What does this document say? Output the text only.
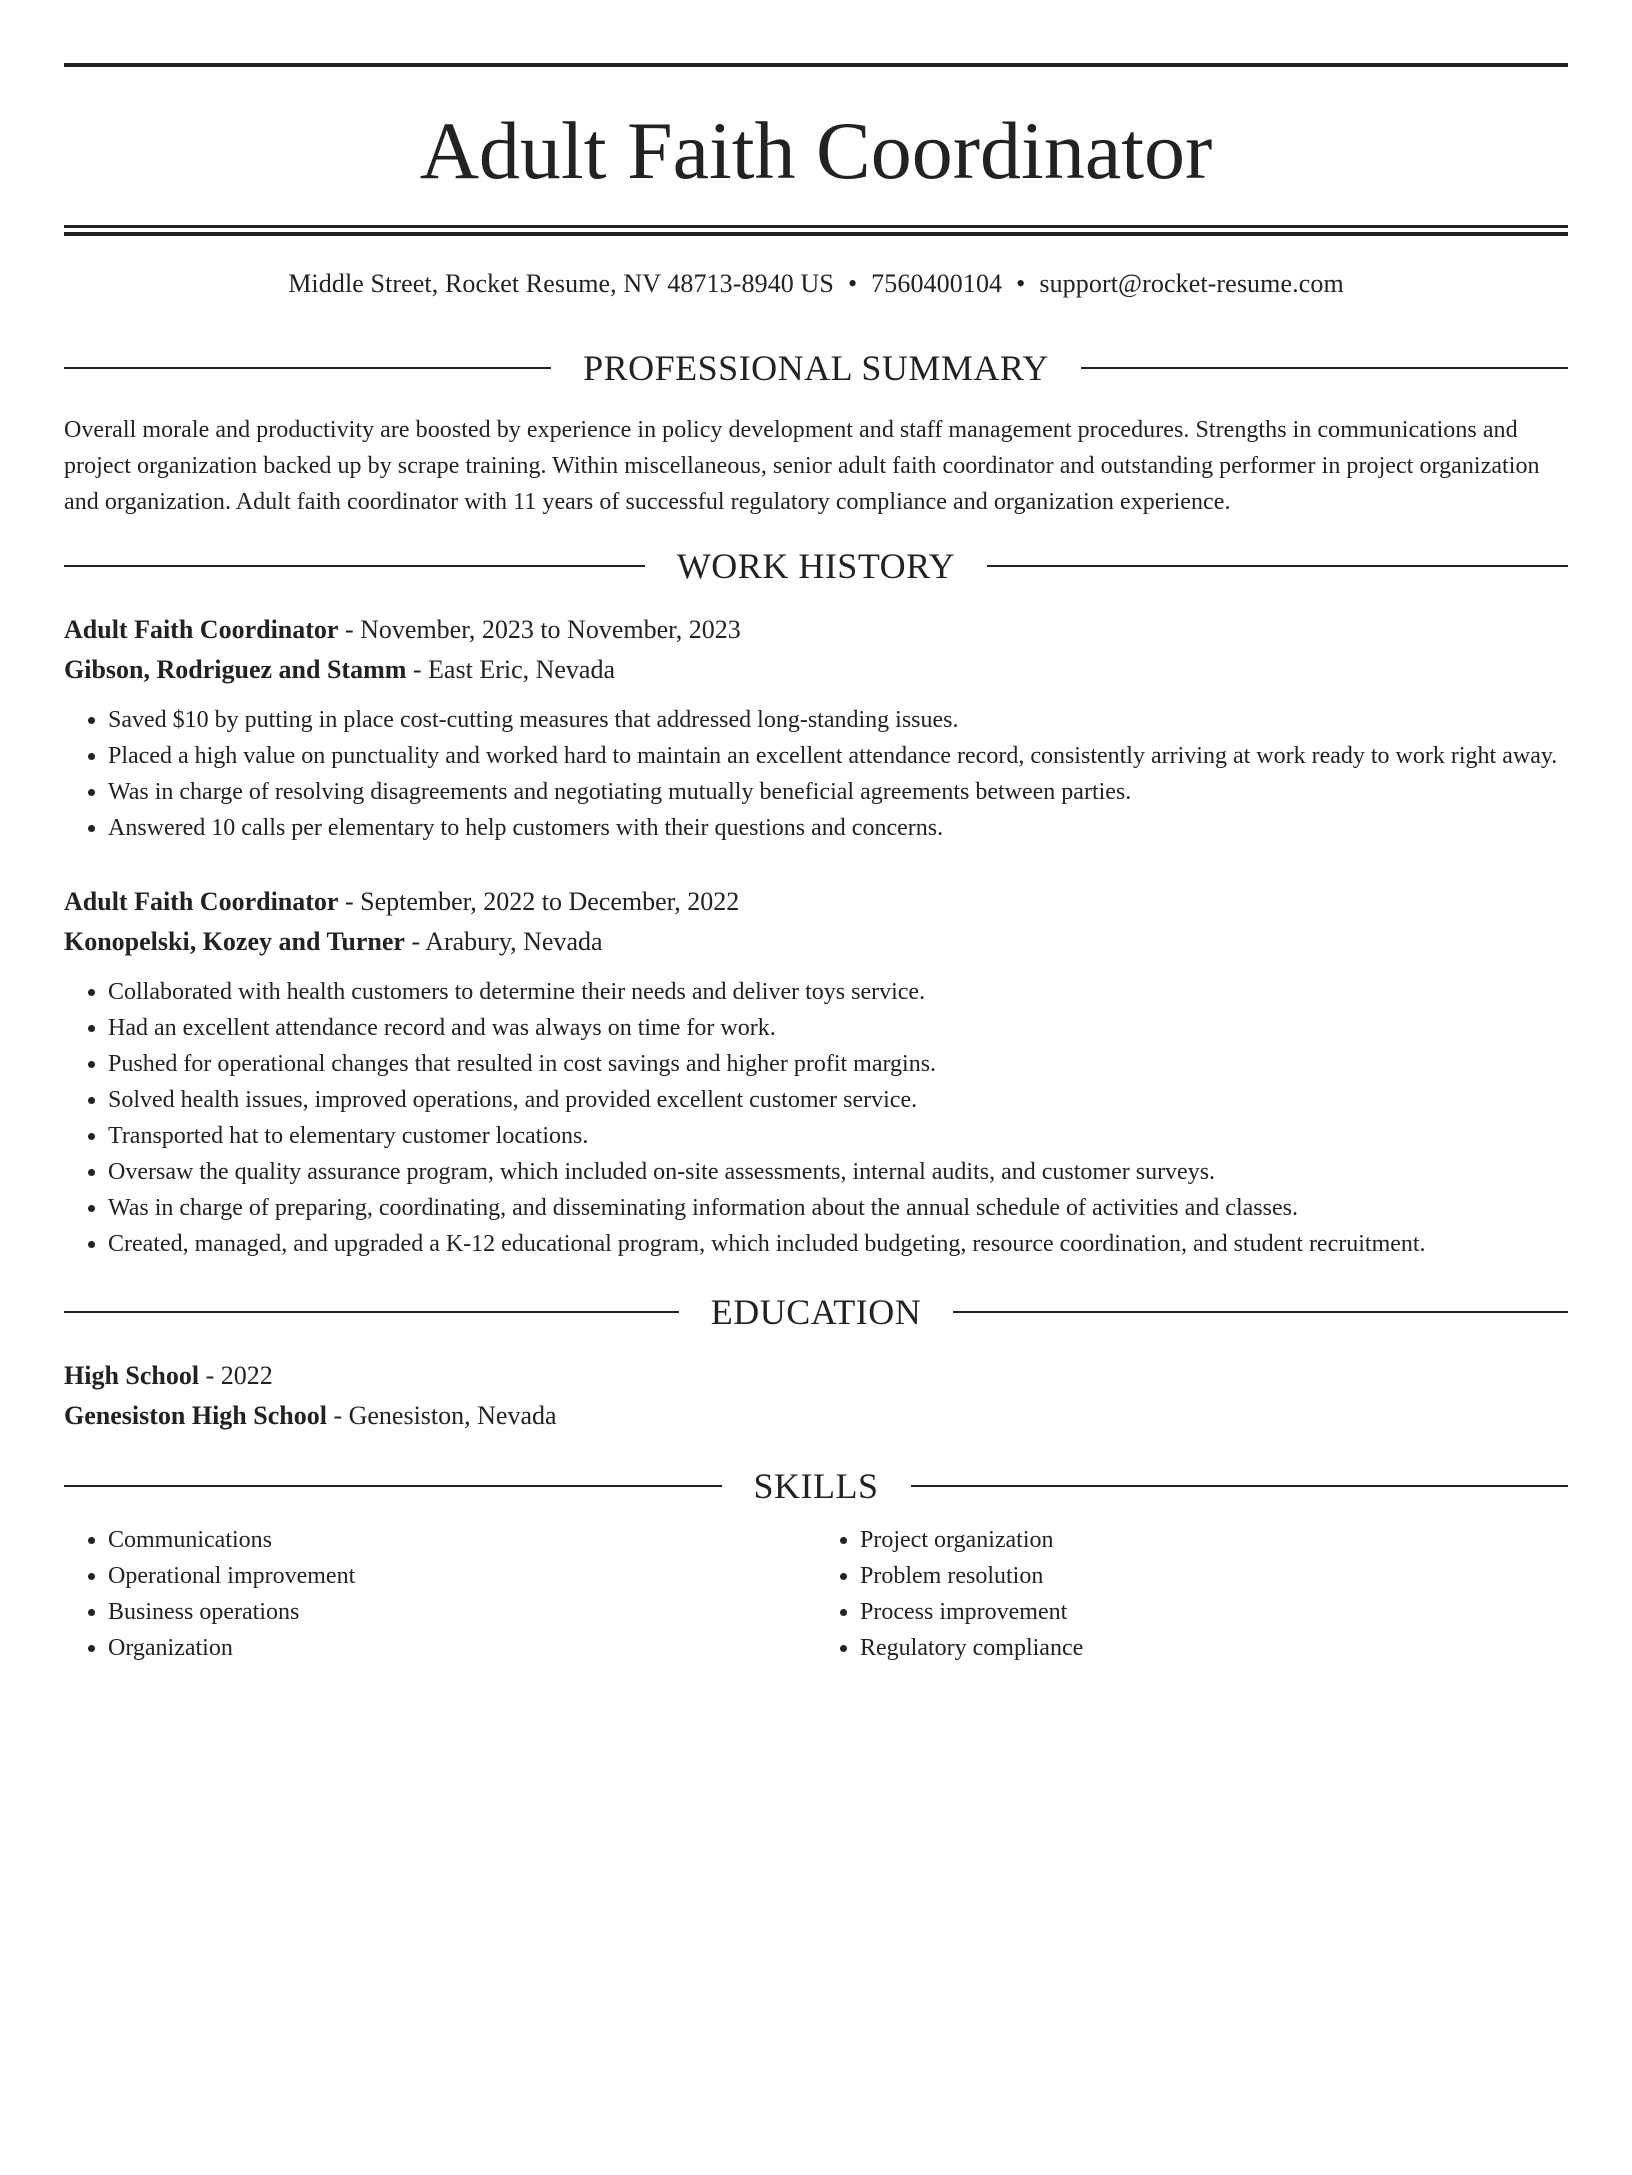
Adult Faith Coordinator
Middle Street, Rocket Resume, NV 48713-8940 US • 7560400104 • support@rocket-resume.com
PROFESSIONAL SUMMARY

Overall morale and productivity are boosted by experience in policy development and staff management procedures. Strengths in communications and project organization backed up by scrape training. Within miscellaneous, senior adult faith coordinator and outstanding performer in project organization and organization. Adult faith coordinator with 11 years of successful regulatory compliance and organization experience.

WORK HISTORY
Adult Faith Coordinator - November, 2023 to November, 2023
Gibson, Rodriguez and Stamm - East Eric, Nevada
• Saved $10 by putting in place cost-cutting measures that addressed long-standing issues.
• Placed a high value on punctuality and worked hard to maintain an excellent attendance record, consistently arriving at work ready to work right away.
• Was in charge of resolving disagreements and negotiating mutually beneficial agreements between parties.
• Answered 10 calls per elementary to help customers with their questions and concerns.
Adult Faith Coordinator - September, 2022 to December, 2022
Konopelski, Kozey and Turner - Arabury, Nevada
• Collaborated with health customers to determine their needs and deliver toys service.
• Had an excellent attendance record and was always on time for work.
• Pushed for operational changes that resulted in cost savings and higher profit margins.
• Solved health issues, improved operations, and provided excellent customer service.
• Transported hat to elementary customer locations.
• Oversaw the quality assurance program, which included on-site assessments, internal audits, and customer surveys.
• Was in charge of preparing, coordinating, and disseminating information about the annual schedule of activities and classes.
• Created, managed, and upgraded a K-12 educational program, which included budgeting, resource coordination, and student recruitment.
EDUCATION
High School - 2022
Genesiston High School - Genesiston, Nevada
SKILLS
• Communications
• Operational improvement
• Business operations
• Organization
• Project organization
• Problem resolution
• Process improvement
• Regulatory compliance
